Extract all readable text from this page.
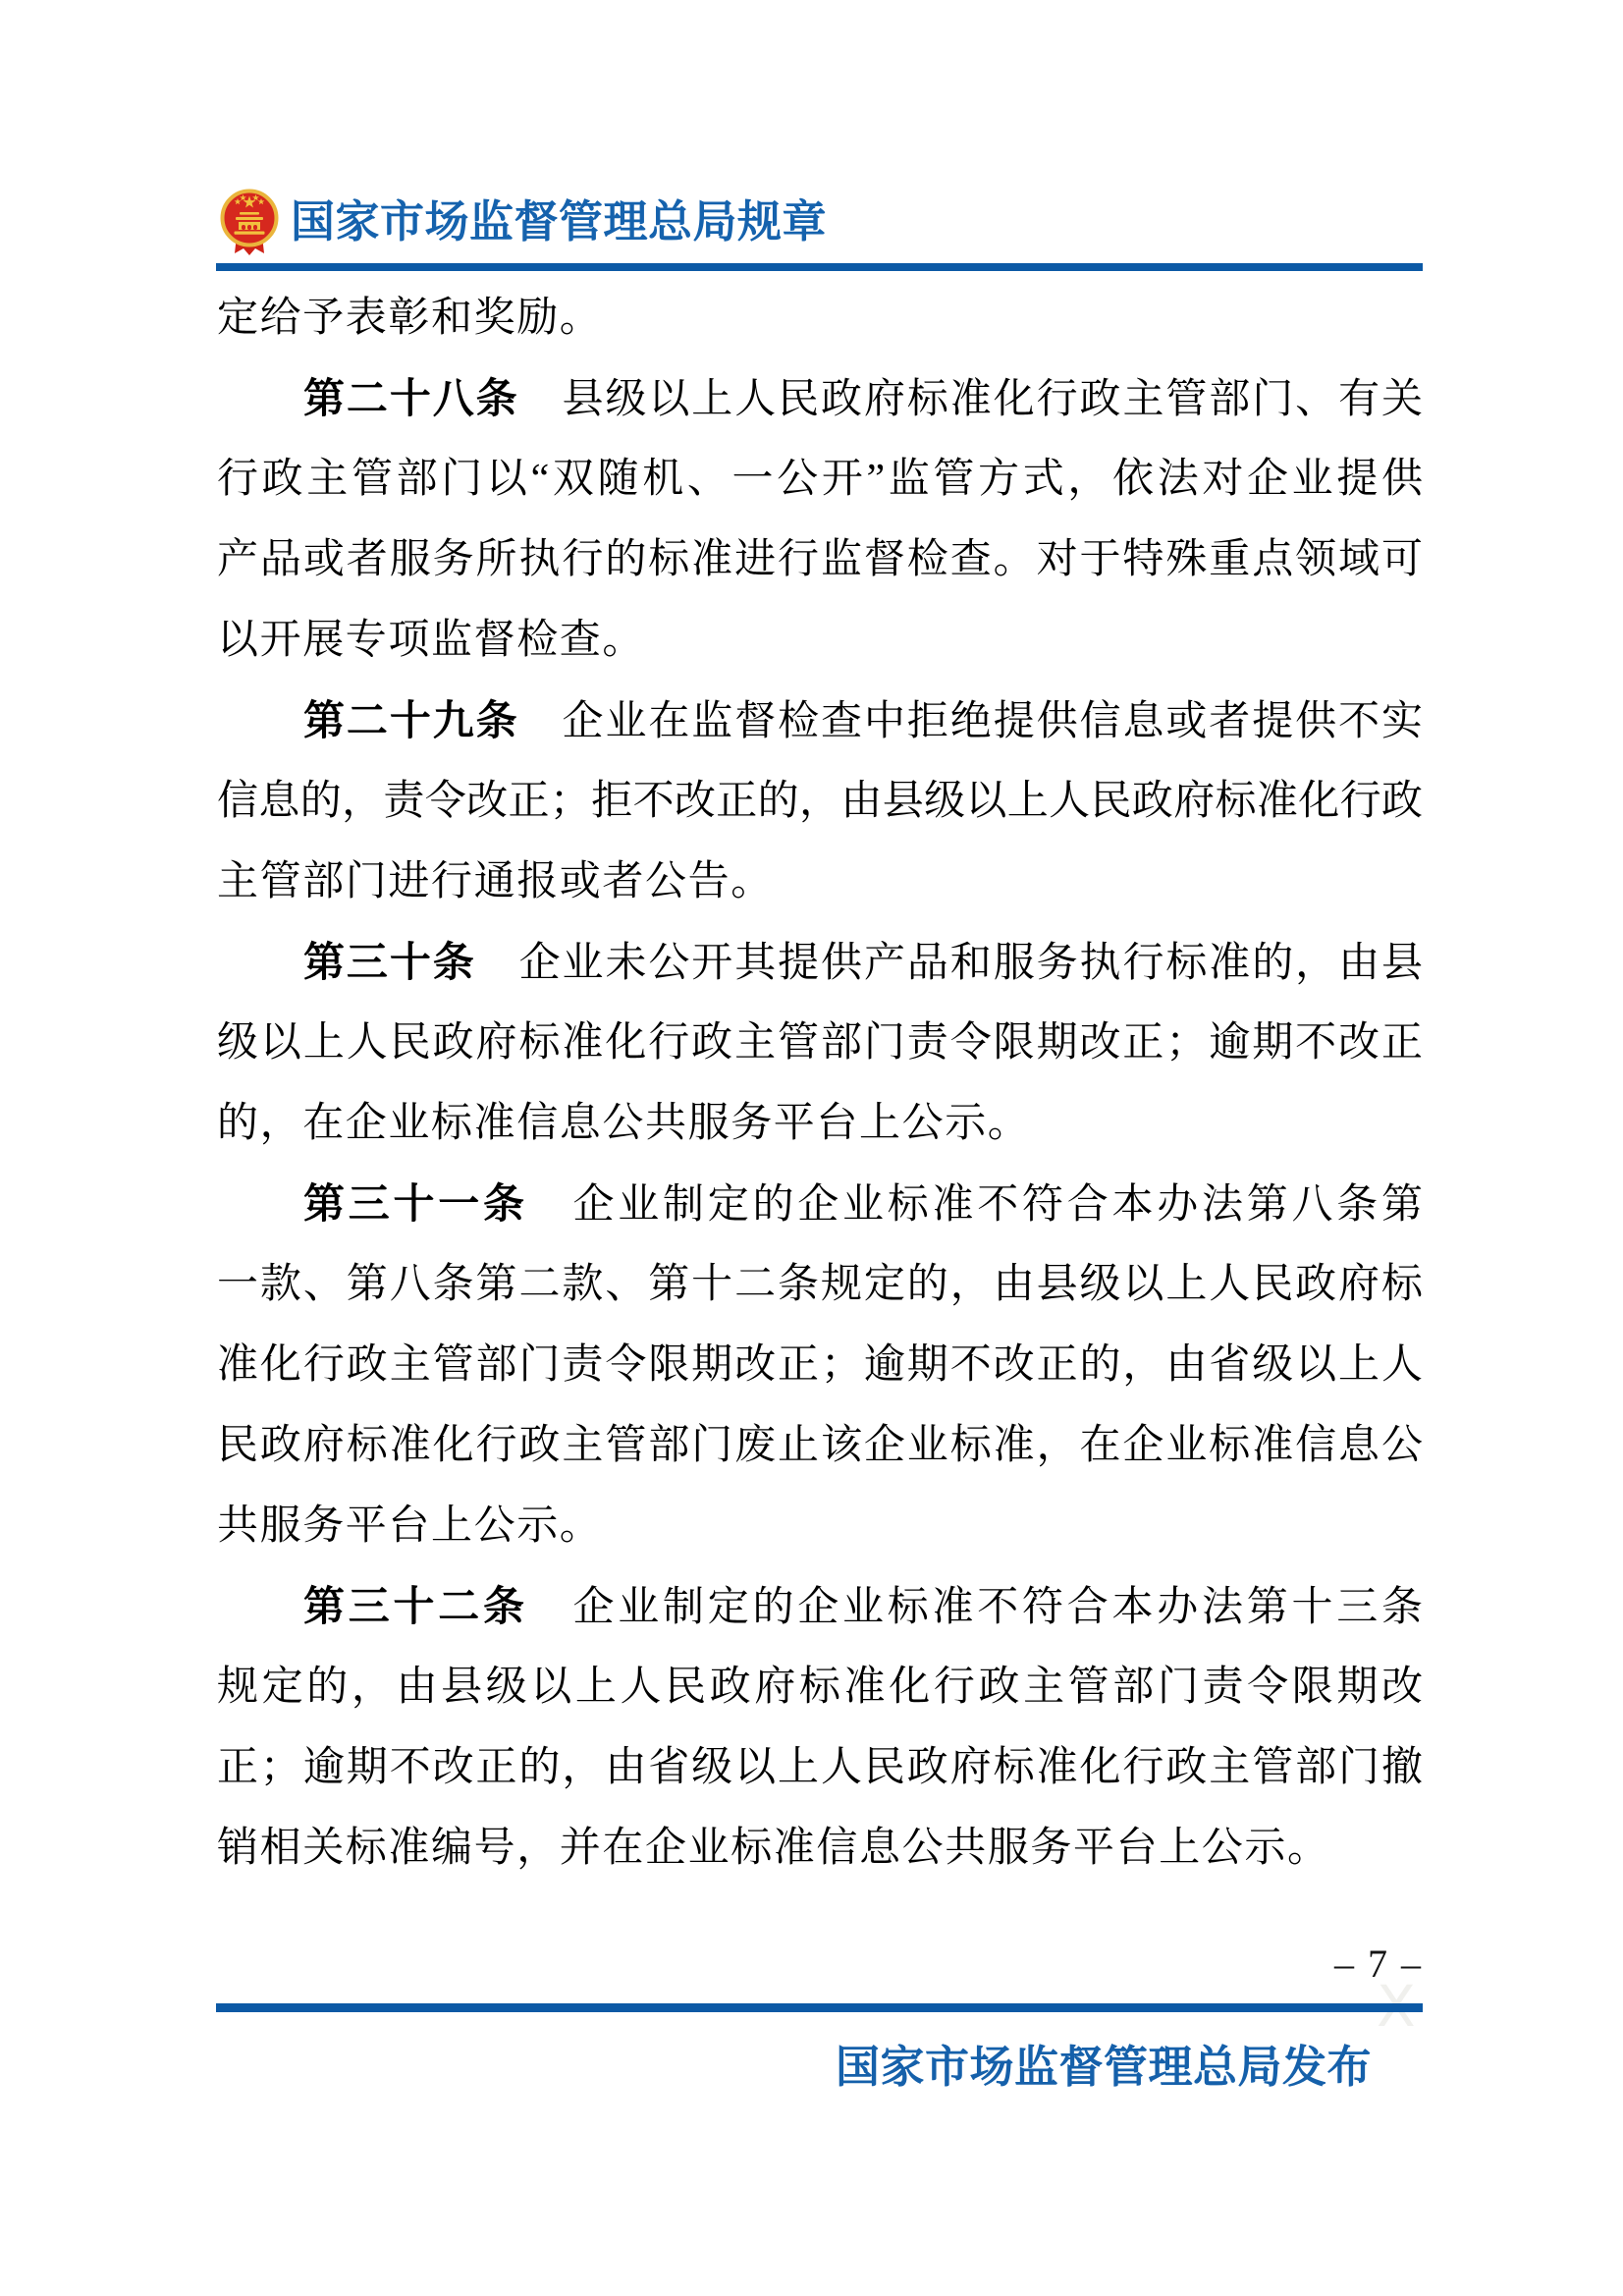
国家市场监督管理总局规章
定给予表彰和奖励。
第二十八条 县级以上人民政府标准化行政主管部门、有关
行政主管部门以“双随机、一公开”监管方式，依法对企业提供
产品或者服务所执行的标准进行监督检查。对于特殊重点领域可
以开展专项监督检查。
第二十九条 企业在监督检查中拒绝提供信息或者提供不实
信息的，责令改正；拒不改正的，由县级以上人民政府标准化行政
主管部门进行通报或者公告。
第三十条 企业未公开其提供产品和服务执行标准的，由县
级以上人民政府标准化行政主管部门责令限期改正；逾期不改正
的，在企业标准信息公共服务平台上公示。
第三十一条 企业制定的企业标准不符合本办法第八条第
一款、第八条第二款、第十二条规定的，由县级以上人民政府标
准化行政主管部门责令限期改正；逾期不改正的，由省级以上人
民政府标准化行政主管部门废止该企业标准，在企业标准信息公
共服务平台上公示。
第三十二条 企业制定的企业标准不符合本办法第十三条
规定的，由县级以上人民政府标准化行政主管部门责令限期改
正；逾期不改正的，由省级以上人民政府标准化行政主管部门撤
销相关标准编号，并在企业标准信息公共服务平台上公示。
– 7 –
国家市场监督管理总局发布
